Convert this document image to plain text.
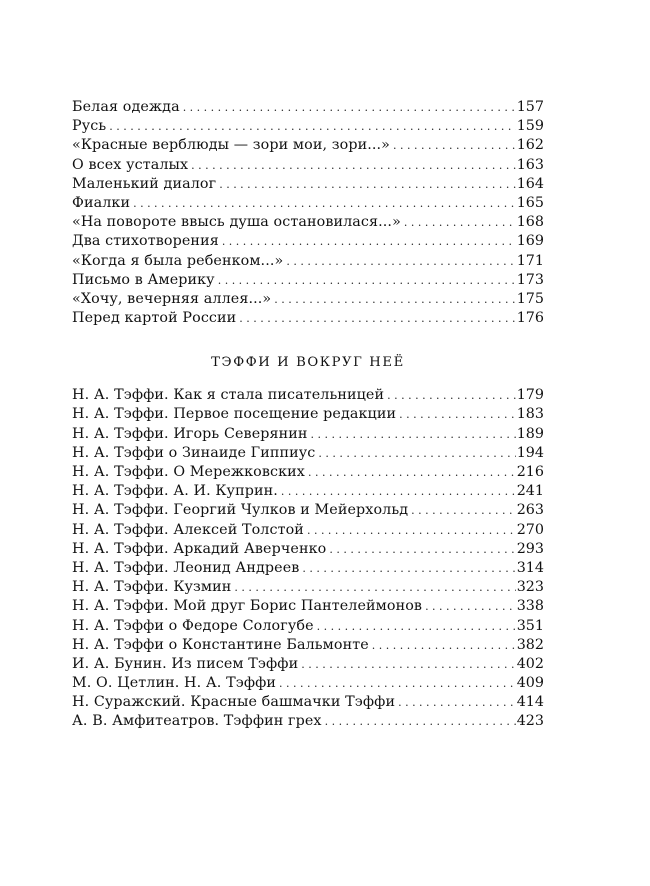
Белая одежда . . .	157
Русь . . .	159
«Красные верблюды — зори мои, зори...» . . .	162
О всех усталых . . .	163
Маленький диалог . . .	164
Фиалки . . .	165
«На повороте ввысь душа остановилася...» . . .	168
Два стихотворения . . .	169
«Когда я была ребенком...» . . .	171
Письмо в Америку . . .	173
«Хочу, вечерняя аллея...» . . .	175
Перед картой России . . .	176
ТЭФФИ И ВОКРУГ НЕЁ
Н. А. Тэффи. Как я стала писательницей . . .	179
Н. А. Тэффи. Первое посещение редакции . . .	183
Н. А. Тэффи. Игорь Северянин . . .	189
Н. А. Тэффи о Зинаиде Гиппиус . . .	194
Н. А. Тэффи. О Мережковских . . .	216
Н. А. Тэффи. А. И. Куприн. . . .	241
Н. А. Тэффи. Георгий Чулков и Мейерхольд . . .	263
Н. А. Тэффи. Алексей Толстой . . .	270
Н. А. Тэффи. Аркадий Аверченко . . .	293
Н. А. Тэффи. Леонид Андреев . . .	314
Н. А. Тэффи. Кузмин . . .	323
Н. А. Тэффи. Мой друг Борис Пантелеймонов . . .	338
Н. А. Тэффи о Федоре Сологубе . . .	351
Н. А. Тэффи о Константине Бальмонте . . .	382
И. А. Бунин. Из писем Тэффи . . .	402
М. О. Цетлин. Н. А. Тэффи . . .	409
Н. Суражский. Красные башмачки Тэффи . . .	414
А. В. Амфитеатров. Тэффин грех . . .	423
